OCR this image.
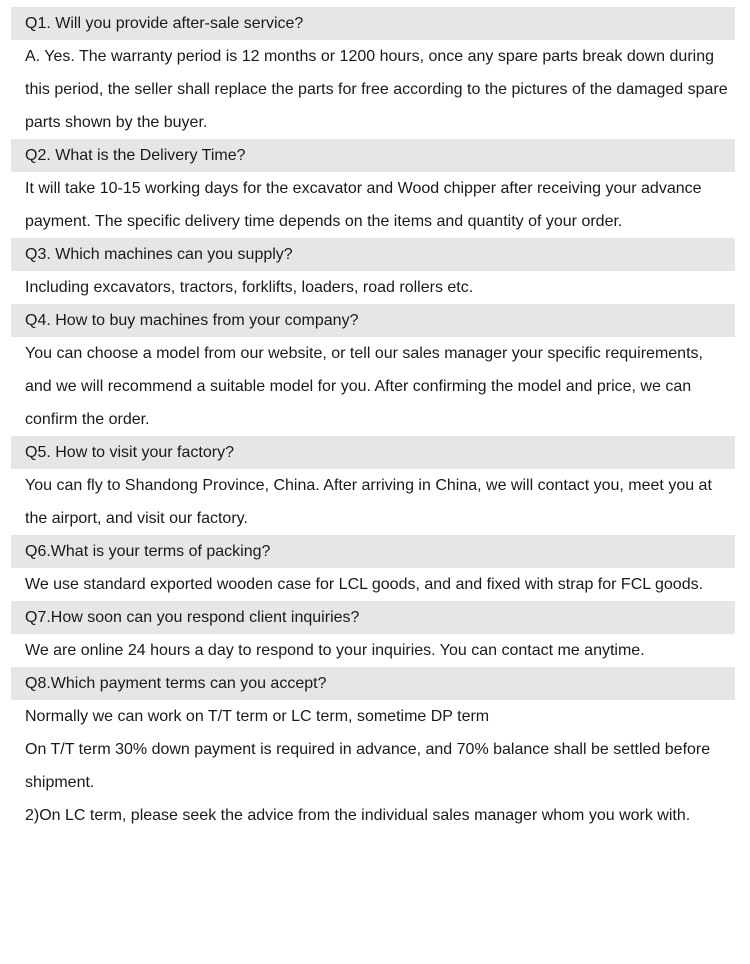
Q1. Will you provide after-sale service?
A. Yes. The warranty period is 12 months or 1200 hours, once any spare parts break down during
this period, the seller shall replace the parts for free according to the pictures of the damaged spare
parts shown by the buyer.
Q2. What is the Delivery Time?
It will take 10-15 working days for the excavator and Wood chipper after receiving your advance
payment. The specific delivery time depends on the items and quantity of your order.
Q3. Which machines can you supply?
Including excavators, tractors, forklifts, loaders, road rollers etc.
Q4. How to buy machines from your company?
You can choose a model from our website, or tell our sales manager your specific requirements,
and we will recommend a suitable model for you. After confirming the model and price, we can
confirm the order.
Q5. How to visit your factory?
You can fly to Shandong Province, China. After arriving in China, we will contact you, meet you at
the airport, and visit our factory.
Q6.What is your terms of packing?
We use standard exported wooden case for LCL goods, and and fixed with strap for FCL goods.
Q7.How soon can you respond client inquiries?
We are online 24 hours a day to respond to your inquiries. You can contact me anytime.
Q8.Which payment terms can you accept?
Normally we can work on T/T term or LC term, sometime DP term
On T/T term 30% down payment is required in advance, and 70% balance shall be settled before
shipment.
2)On LC term, please seek the advice from the individual sales manager whom you work with.
